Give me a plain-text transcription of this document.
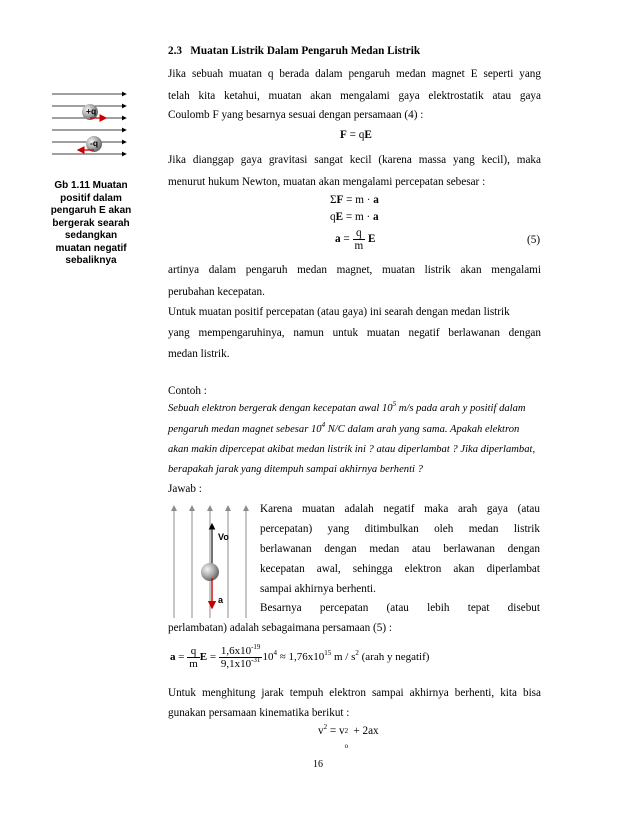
2.3 Muatan Listrik Dalam Pengaruh Medan Listrik
Jika sebuah muatan q berada dalam pengaruh medan magnet E seperti yang
telah kita ketahui, muatan akan mengalami gaya elektrostatik atau gaya
Coulomb F yang besarnya sesuai dengan persamaan (4) :
F = qE
Jika dianggap gaya gravitasi sangat kecil (karena massa yang kecil), maka
menurut hukum Newton, muatan akan mengalami percepatan sebesar :
ΣF = m · a
qE = m · a
$a = \frac{q}{m}$ E	(5)
artinya dalam pengaruh medan magnet, muatan listrik akan mengalami
perubahan kecepatan.
Untuk muatan positif percepatan (atau gaya) ini searah dengan medan listrik
yang mempengaruhinya, namun untuk muatan negatif berlawanan dengan
medan listrik.
Contoh :
Sebuah elektron bergerak dengan kecepatan awal $10^5$ m/s pada arah y positif dalam
pengaruh medan magnet sebesar $10^4$ N/C dalam arah yang sama. Apakah elektron
akan makin dipercepat akibat medan listrik ini ? atau diperlambat ? Jika diperlambat,
berapakah jarak yang ditempuh sampai akhirnya berhenti ?
Jawab :
Karena muatan adalah negatif maka arah gaya (atau
percepatan) yang ditimbulkan oleh medan listrik
berlawanan dengan medan atau berlawanan dengan
kecepatan awal, sehingga elektron akan diperlambat
sampai akhirnya berhenti.
Besarnya percepatan (atau lebih tepat disebut
perlambatan) adalah sebagaimana persamaan (5) :
$a = \frac{q}{m}$ $E = \frac{1,6x10^{-19}}{9,1x10^{-31}} 10^4 \approx 1,76x10^{15}$ m / $s^2$ (arah y negatif)
Untuk menghitung jarak tempuh elektron sampai akhirnya berhenti, kita bisa
gunakan persamaan kinematika berikut :
$v^2 = v$ 2
o
+ 2ax
16
+q
-q
Gb 1.11 Muatan
positif dalam
pengaruh E akan
bergerak searah
sedangkan
muatan negatif
sebaliknya
Vo
a
